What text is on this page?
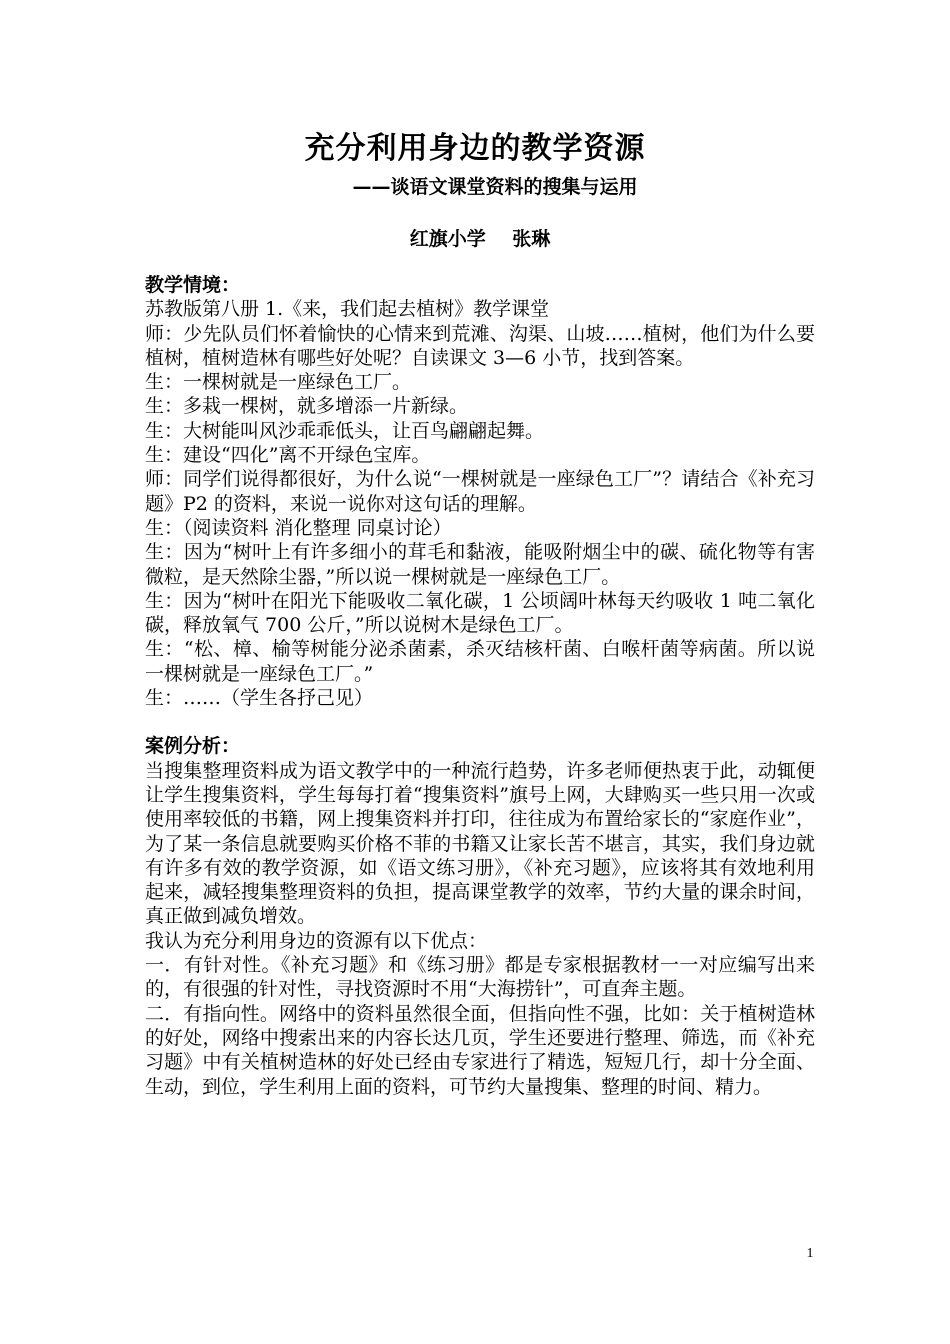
充分利用身边的教学资源
——谈语文课堂资料的搜集与运用
红旗小学    张琳
教学情境：

苏教版第八册 1.《来，我们起去植树》教学课堂

师：少先队员们怀着愉快的心情来到荒滩、沟渠、山坡……植树，他们为什么要植树，植树造林有哪些好处呢？自读课文 3—6 小节，找到答案。

生：一棵树就是一座绿色工厂。

生：多栽一棵树，就多增添一片新绿。

生：大树能叫风沙乖乖低头，让百鸟翩翩起舞。

生：建设“四化”离不开绿色宝库。

师：同学们说得都很好，为什么说“一棵树就是一座绿色工厂”？请结合《补充习题》P2 的资料，来说一说你对这句话的理解。

生：（阅读资料 消化整理 同桌讨论）

生：因为“树叶上有许多细小的茸毛和黏液，能吸附烟尘中的碳、硫化物等有害微粒，是天然除尘器，”所以说一棵树就是一座绿色工厂。

生：因为“树叶在阳光下能吸收二氧化碳，1 公顷阔叶林每天约吸收 1 吨二氧化碳，释放氧气 700 公斤，”所以说树木是绿色工厂。

生：“松、樟、榆等树能分泌杀菌素，杀灭结核杆菌、白喉杆菌等病菌。所以说一棵树就是一座绿色工厂。”

生：……（学生各抒己见）

案例分析：

当搜集整理资料成为语文教学中的一种流行趋势，许多老师便热衷于此，动辄便让学生搜集资料，学生每每打着“搜集资料”旗号上网，大肆购买一些只用一次或使用率较低的书籍，网上搜集资料并打印，往往成为布置给家长的“家庭作业”，为了某一条信息就要购买价格不菲的书籍又让家长苦不堪言，其实，我们身边就有许多有效的教学资源，如《语文练习册》，《补充习题》，应该将其有效地利用起来，减轻搜集整理资料的负担，提高课堂教学的效率，节约大量的课余时间，真正做到减负增效。

我认为充分利用身边的资源有以下优点：

一．有针对性。《补充习题》和《练习册》都是专家根据教材一一对应编写出来的，有很强的针对性，寻找资源时不用“大海捞针”，可直奔主题。

二．有指向性。网络中的资料虽然很全面，但指向性不强，比如：关于植树造林的好处，网络中搜索出来的内容长达几页，学生还要进行整理、筛选，而《补充习题》中有关植树造林的好处已经由专家进行了精选，短短几行，却十分全面、生动，到位，学生利用上面的资料，可节约大量搜集、整理的时间、精力。

1
